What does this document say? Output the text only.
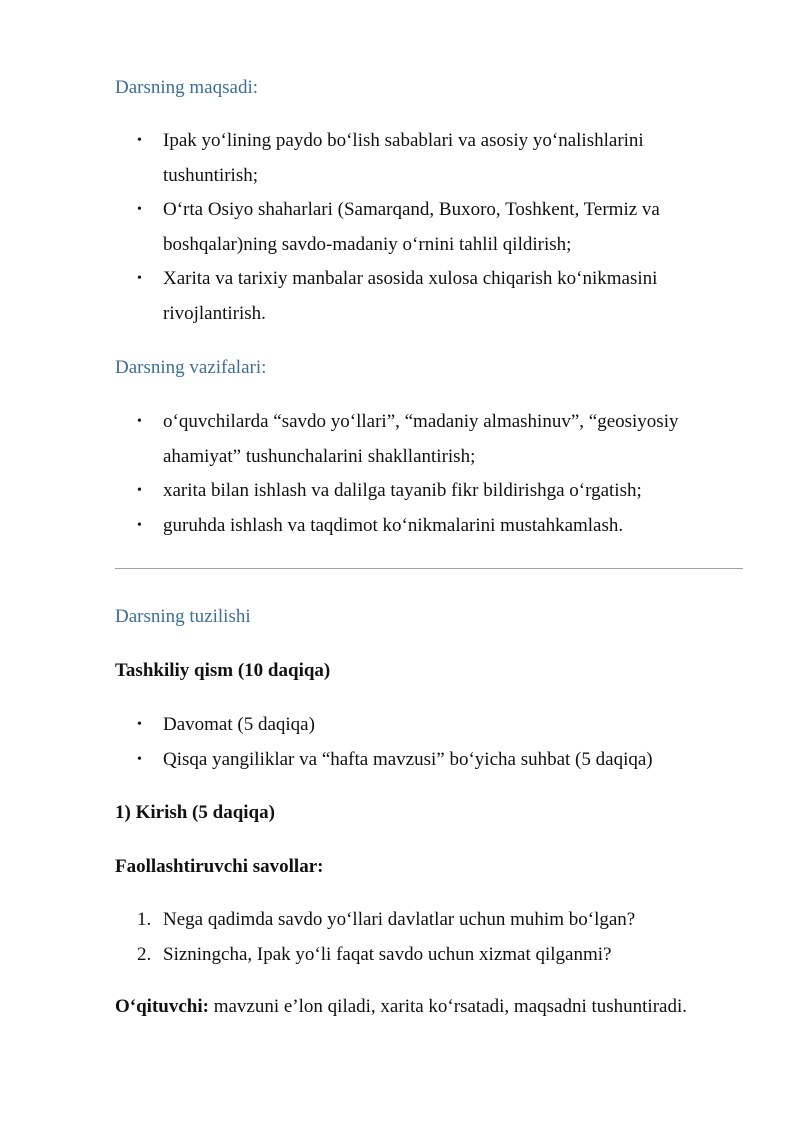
Darsning maqsadi:
• Ipak yo‘lining paydo bo‘lish sabablari va asosiy yo‘nalishlarini tushuntirish;
• O‘rta Osiyo shaharlari (Samarqand, Buxoro, Toshkent, Termiz va boshqalar)ning savdo-madaniy o‘rnini tahlil qildirish;
• Xarita va tarixiy manbalar asosida xulosa chiqarish ko‘nikmasini rivojlantirish.
Darsning vazifalari:
• o‘quvchilarda “savdo yo‘llari”, “madaniy almashinuv”, “geosiyosiy ahamiyat” tushunchalarini shakllantirish;
• xarita bilan ishlash va dalilga tayanib fikr bildirishga o‘rgatish;
• guruhda ishlash va taqdimot ko‘nikmalarini mustahkamlash.
Darsning tuzilishi

Tashkiliy qism (10 daqiqa)

• Davomat (5 daqiqa)
• Qisqa yangiliklar va “hafta mavzusi” bo‘yicha suhbat (5 daqiqa)

1) Kirish (5 daqiqa)

Faollashtiruvchi savollar:

1. Nega qadimda savdo yo‘llari davlatlar uchun muhim bo‘lgan?
2. Sizningcha, Ipak yo‘li faqat savdo uchun xizmat qilganmi?

O‘qituvchi: mavzuni e’lon qiladi, xarita ko‘rsatadi, maqsadni tushuntiradi.
